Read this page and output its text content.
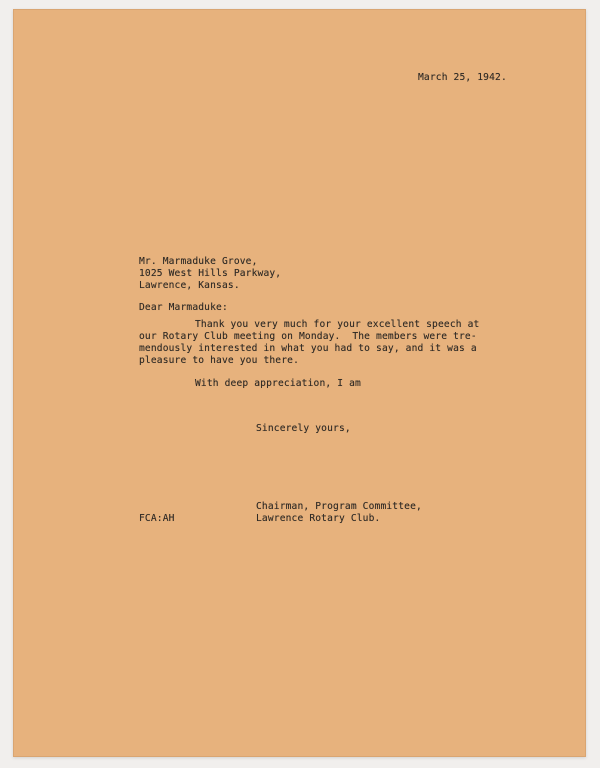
March 25, 1942.
Mr. Marmaduke Grove,
1025 West Hills Parkway,
Lawrence, Kansas.
Dear Marmaduke:
Thank you very much for your excellent speech at
our Rotary Club meeting on Monday.  The members were tre-
mendously interested in what you had to say, and it was a
pleasure to have you there.
With deep appreciation, I am
Sincerely yours,
Chairman, Program Committee,
Lawrence Rotary Club.
FCA:AH
